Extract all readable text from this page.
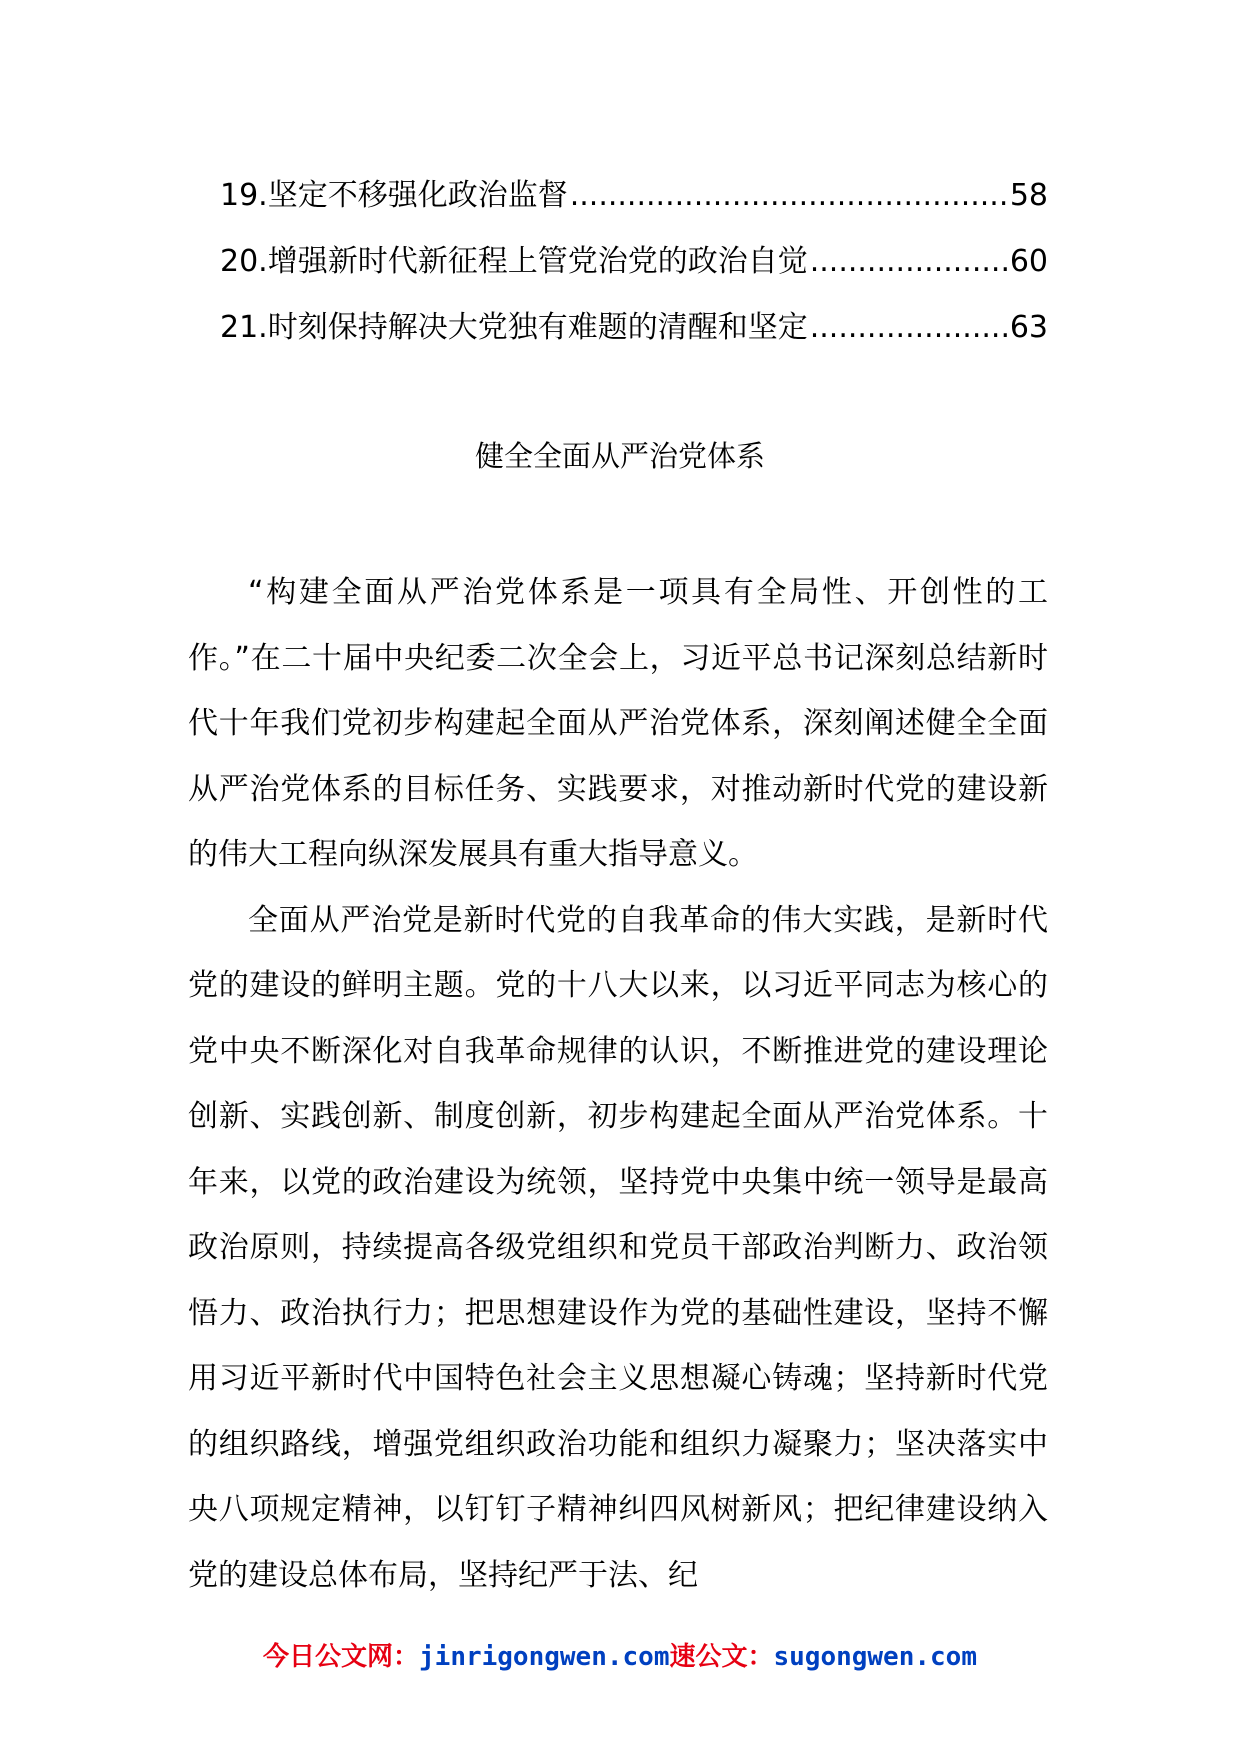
19.坚定不移强化政治监督 .....	58
20.增强新时代新征程上管党治党的政治自觉 .....	60
21.时刻保持解决大党独有难题的清醒和坚定 .....	63
健全全面从严治党体系

“构建全面从严治党体系是一项具有全局性、开创性的工作。”在二十届中央纪委二次全会上，习近平总书记深刻总结新时代十年我们党初步构建起全面从严治党体系，深刻阐述健全全面从严治党体系的目标任务、实践要求，对推动新时代党的建设新的伟大工程向纵深发展具有重大指导意义。

全面从严治党是新时代党的自我革命的伟大实践，是新时代党的建设的鲜明主题。党的十八大以来，以习近平同志为核心的党中央不断深化对自我革命规律的认识，不断推进党的建设理论创新、实践创新、制度创新，初步构建起全面从严治党体系。十年来，以党的政治建设为统领，坚持党中央集中统一领导是最高政治原则，持续提高各级党组织和党员干部政治判断力、政治领悟力、政治执行力；把思想建设作为党的基础性建设，坚持不懈用习近平新时代中国特色社会主义思想凝心铸魂；坚持新时代党的组织路线，增强党组织政治功能和组织力凝聚力；坚决落实中央八项规定精神，以钉钉子精神纠四风树新风；把纪律建设纳入党的建设总体布局，坚持纪严于法、纪

今日公文网：jinrigongwen.com速公文：sugongwen.com
